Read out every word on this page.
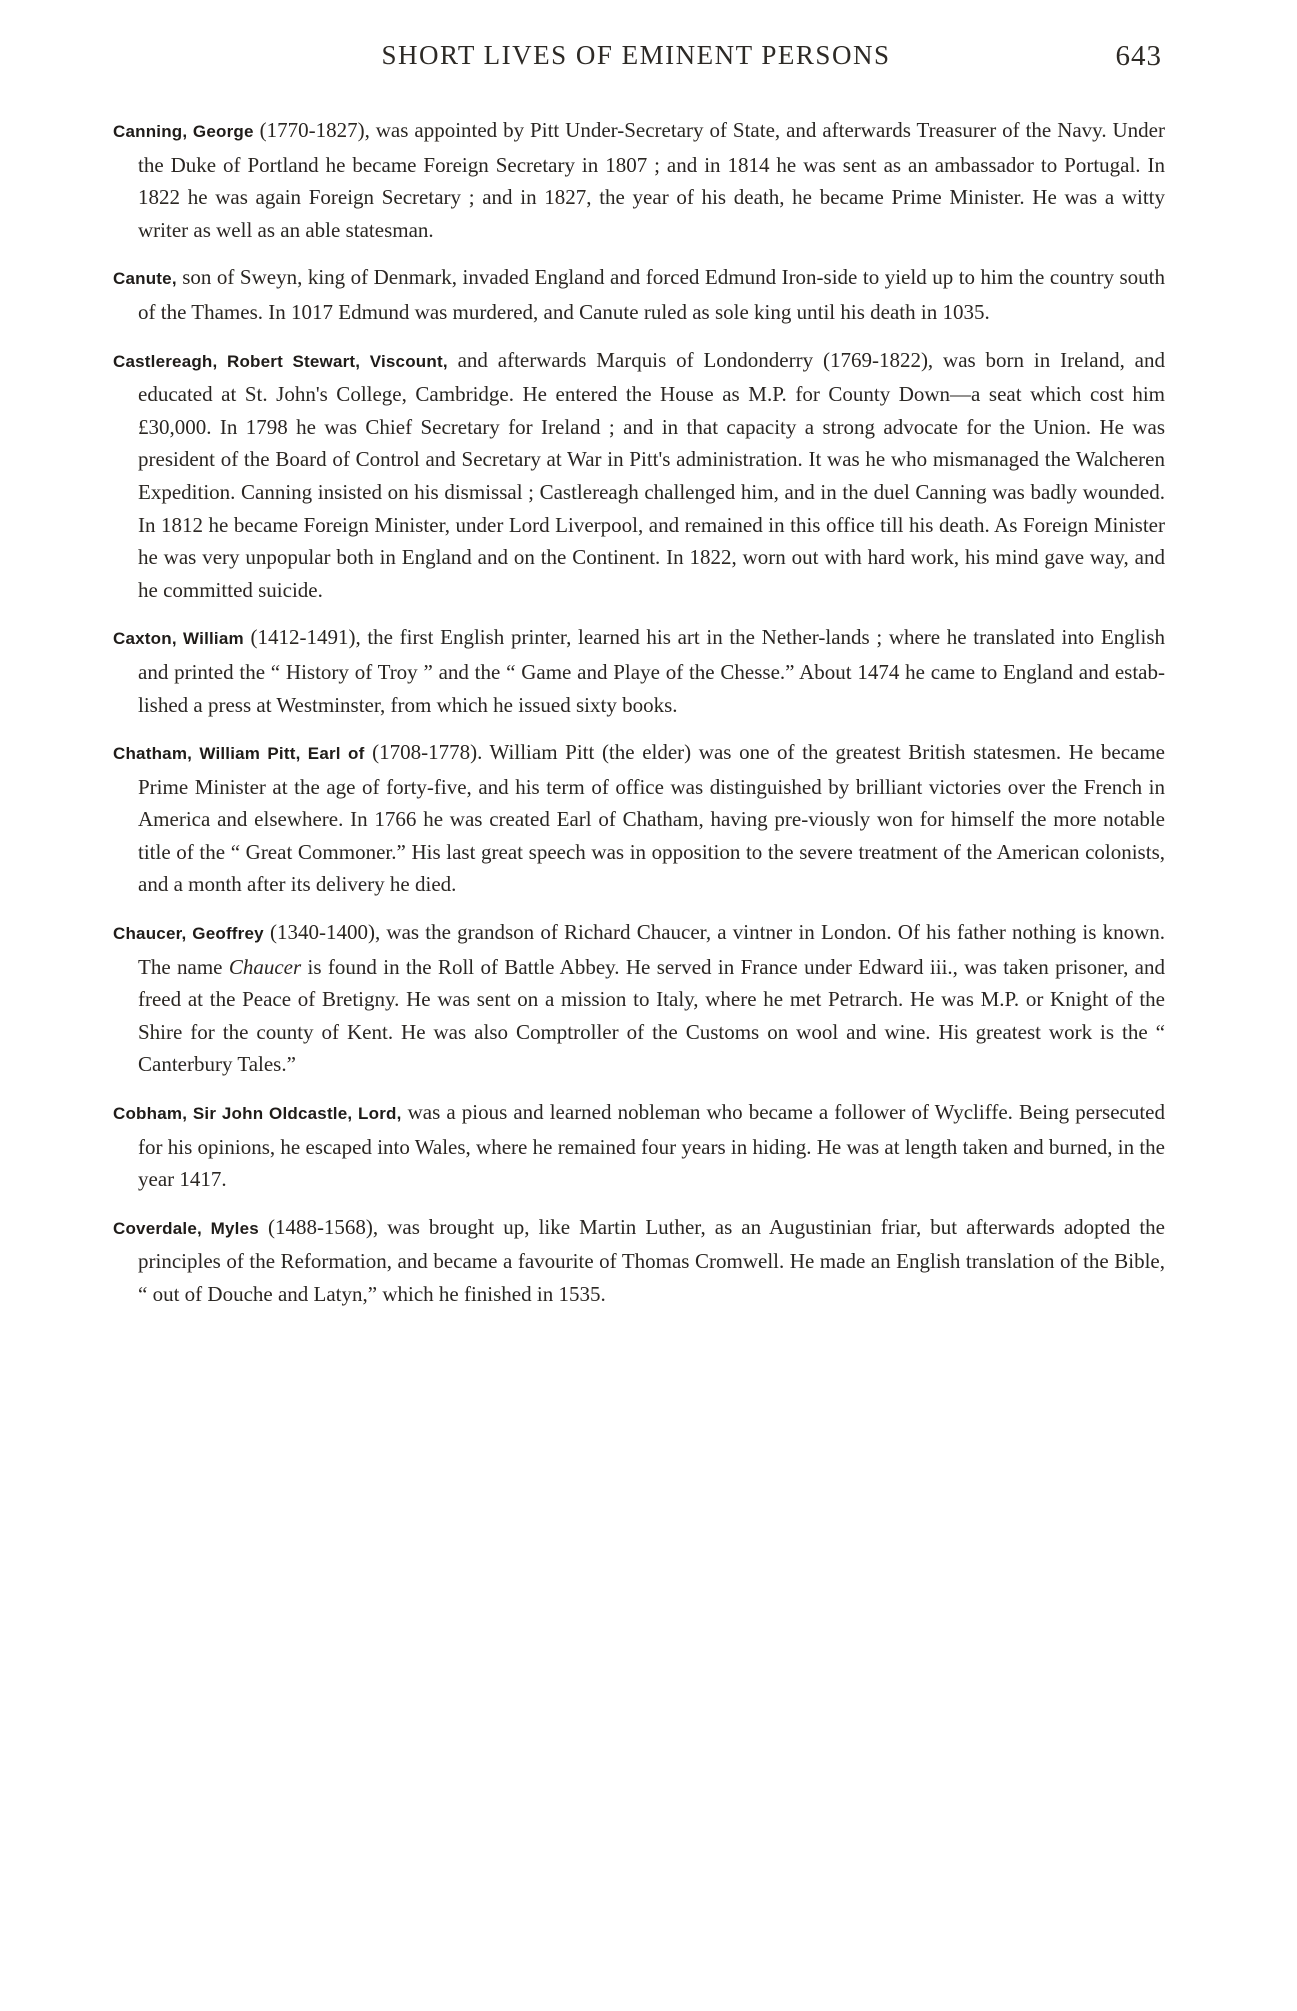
SHORT LIVES OF EMINENT PERSONS	643

Canning, George (1770-1827), was appointed by Pitt Under-Secretary of State, and afterwards Treasurer of the Navy. Under the Duke of Portland he became Foreign Secretary in 1807 ; and in 1814 he was sent as an ambassador to Portugal. In 1822 he was again Foreign Secretary ; and in 1827, the year of his death, he became Prime Minister. He was a witty writer as well as an able statesman.

Canute, son of Sweyn, king of Denmark, invaded England and forced Edmund Iron-side to yield up to him the country south of the Thames. In 1017 Edmund was murdered, and Canute ruled as sole king until his death in 1035.

Castlereagh, Robert Stewart, Viscount, and afterwards Marquis of Londonderry (1769-1822), was born in Ireland, and educated at St. John's College, Cambridge. He entered the House as M.P. for County Down—a seat which cost him £30,000. In 1798 he was Chief Secretary for Ireland ; and in that capacity a strong advocate for the Union. He was president of the Board of Control and Secretary at War in Pitt's administration. It was he who mismanaged the Walcheren Expedition. Canning insisted on his dismissal ; Castlereagh challenged him, and in the duel Canning was badly wounded. In 1812 he became Foreign Minister, under Lord Liverpool, and remained in this office till his death. As Foreign Minister he was very unpopular both in England and on the Continent. In 1822, worn out with hard work, his mind gave way, and he committed suicide.

Caxton, William (1412-1491), the first English printer, learned his art in the Nether-lands ; where he translated into English and printed the “ History of Troy ” and the “ Game and Playe of the Chesse.” About 1474 he came to England and estab-lished a press at Westminster, from which he issued sixty books.

Chatham, William Pitt, Earl of (1708-1778). William Pitt (the elder) was one of the greatest British statesmen. He became Prime Minister at the age of forty-five, and his term of office was distinguished by brilliant victories over the French in America and elsewhere. In 1766 he was created Earl of Chatham, having pre-viously won for himself the more notable title of the “ Great Commoner.” His last great speech was in opposition to the severe treatment of the American colonists, and a month after its delivery he died.

Chaucer, Geoffrey (1340-1400), was the grandson of Richard Chaucer, a vintner in London. Of his father nothing is known. The name Chaucer is found in the Roll of Battle Abbey. He served in France under Edward iii., was taken prisoner, and freed at the Peace of Bretigny. He was sent on a mission to Italy, where he met Petrarch. He was M.P. or Knight of the Shire for the county of Kent. He was also Comptroller of the Customs on wool and wine. His greatest work is the “ Canterbury Tales.”

Cobham, Sir John Oldcastle, Lord, was a pious and learned nobleman who became a follower of Wycliffe. Being persecuted for his opinions, he escaped into Wales, where he remained four years in hiding. He was at length taken and burned, in the year 1417.

Coverdale, Myles (1488-1568), was brought up, like Martin Luther, as an Augustinian friar, but afterwards adopted the principles of the Reformation, and became a favourite of Thomas Cromwell. He made an English translation of the Bible, “ out of Douche and Latyn,” which he finished in 1535.
